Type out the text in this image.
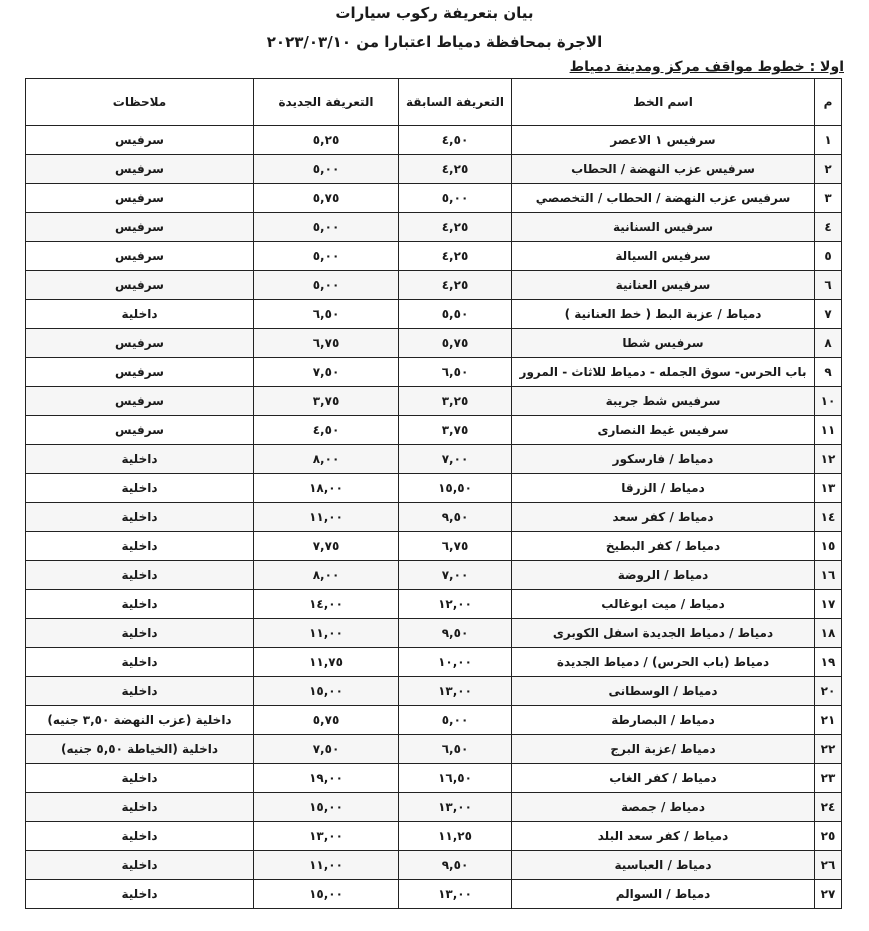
بيان بتعريفة ركوب سيارات
الاجرة بمحافظة دمياط اعتبارا من ٢٠٢٣/٠٣/١٠
اولا : خطوط مواقف مركز ومدينة دمياط
م	اسم الخط	التعريفة السابقة	التعريفة الجديدة	ملاحظات
١	سرفيس ١ الاعصر	٤,٥٠	٥,٢٥	سرفيس
٢	سرفيس عزب النهضة / الحطاب	٤,٢٥	٥,٠٠	سرفيس
٣	سرفيس عزب النهضة / الحطاب / التخصصي	٥,٠٠	٥,٧٥	سرفيس
٤	سرفيس السنانية	٤,٢٥	٥,٠٠	سرفيس
٥	سرفيس السيالة	٤,٢٥	٥,٠٠	سرفيس
٦	سرفيس العنانية	٤,٢٥	٥,٠٠	سرفيس
٧	دمياط / عزبة البط ( خط العنانية )	٥,٥٠	٦,٥٠	داخلية
٨	سرفيس شطا	٥,٧٥	٦,٧٥	سرفيس
٩	باب الحرس- سوق الجمله - دمياط للاثاث - المرور	٦,٥٠	٧,٥٠	سرفيس
١٠	سرفيس شط جريبة	٣,٢٥	٣,٧٥	سرفيس
١١	سرفيس غيط النصارى	٣,٧٥	٤,٥٠	سرفيس
١٢	دمياط / فارسكور	٧,٠٠	٨,٠٠	داخلية
١٣	دمياط / الزرقا	١٥,٥٠	١٨,٠٠	داخلية
١٤	دمياط / كفر سعد	٩,٥٠	١١,٠٠	داخلية
١٥	دمياط / كفر البطيخ	٦,٧٥	٧,٧٥	داخلية
١٦	دمياط / الروضة	٧,٠٠	٨,٠٠	داخلية
١٧	دمياط / ميت ابوغالب	١٢,٠٠	١٤,٠٠	داخلية
١٨	دمياط / دمياط الجديدة اسفل الكوبرى	٩,٥٠	١١,٠٠	داخلية
١٩	دمياط (باب الحرس) / دمياط الجديدة	١٠,٠٠	١١,٧٥	داخلية
٢٠	دمياط / الوسطانى	١٣,٠٠	١٥,٠٠	داخلية
٢١	دمياط / البصارطة	٥,٠٠	٥,٧٥	داخلية (عزب النهضة ٣,٥٠ جنيه)
٢٢	دمياط /عزبة البرج	٦,٥٠	٧,٥٠	داخلية (الخياطة ٥,٥٠ جنيه)
٢٣	دمياط / كفر الغاب	١٦,٥٠	١٩,٠٠	داخلية
٢٤	دمياط / جمصة	١٣,٠٠	١٥,٠٠	داخلية
٢٥	دمياط / كفر سعد البلد	١١,٢٥	١٣,٠٠	داخلية
٢٦	دمياط / العباسية	٩,٥٠	١١,٠٠	داخلية
٢٧	دمياط / السوالم	١٣,٠٠	١٥,٠٠	داخلية
